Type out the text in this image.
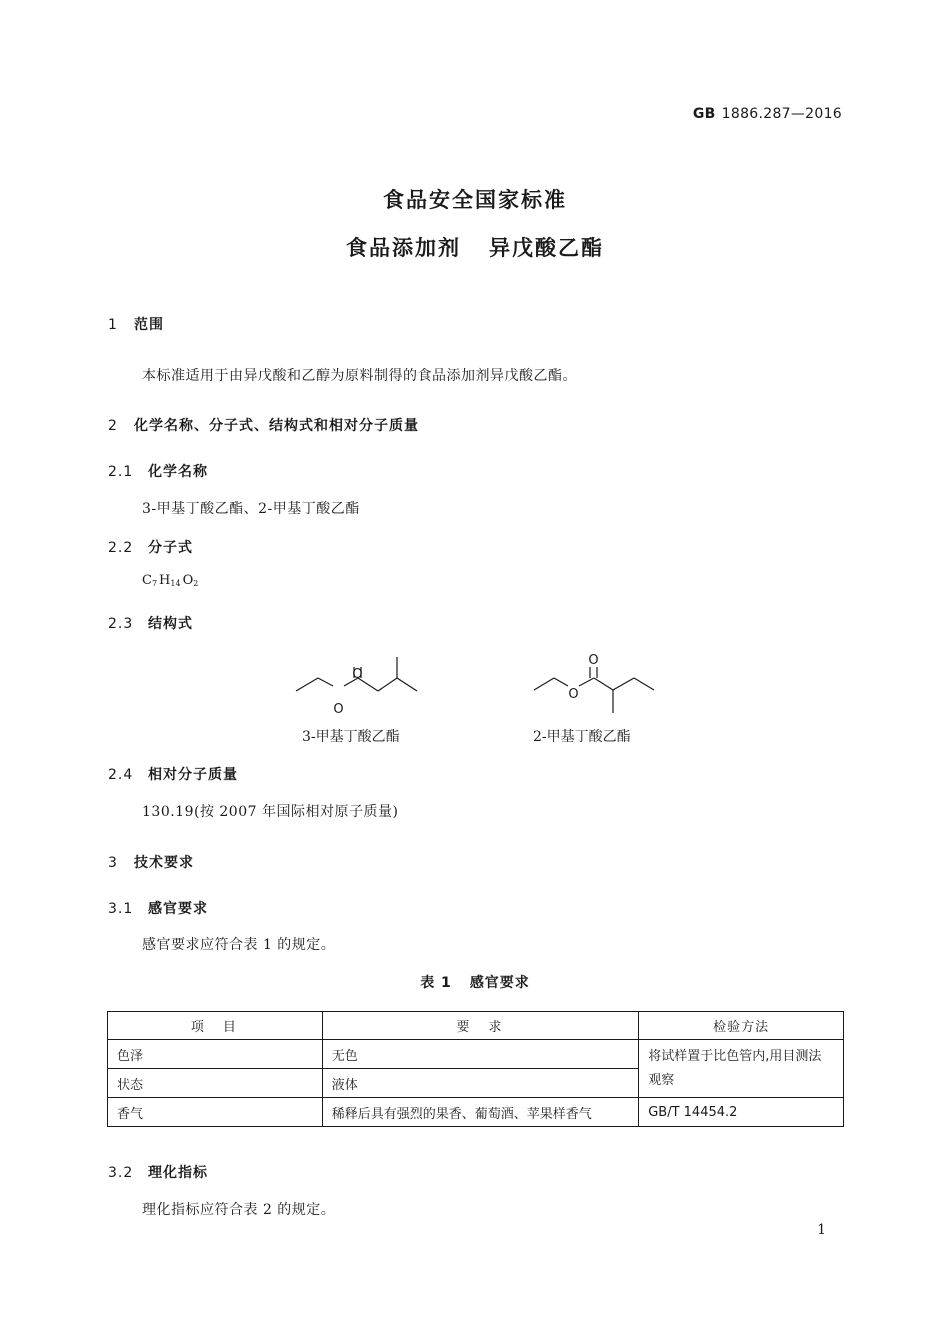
GB 1886.287—2016
食品安全国家标准
食品添加剂 异戊酸乙酯
1 范围
本标准适用于由异戊酸和乙醇为原料制得的食品添加剂异戊酸乙酯。
2 化学名称、分子式、结构式和相对分子质量
2.1 化学名称
3-甲基丁酸乙酯、2-甲基丁酸乙酯
2.2 分子式
$C_7$ $H_{14}$ $O_2$
2.3 结构式
O
O
O
O
3-甲基丁酸乙酯	2-甲基丁酸乙酯
2.4 相对分子质量
130.19(按 2007 年国际相对原子质量)
3 技术要求
3.1 感官要求
感官要求应符合表 1 的规定。
表 1 感官要求
项　目	要　求	检验方法
色泽	无色	将试样置于比色管内,用目测法观察
状态	液体	
香气	稀释后具有强烈的果香、葡萄酒、苹果样香气	GB/T 14454.2
3.2 理化指标
理化指标应符合表 2 的规定。
1
